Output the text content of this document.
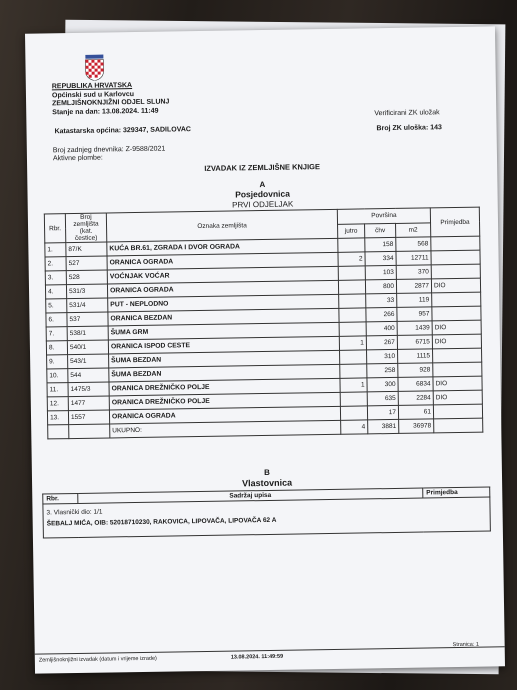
REPUBLIKA HRVATSKA
Općinski sud u Karlovcu
ZEMLJIŠNOKNJIŽNI ODJEL SLUNJ
Stanje na dan: 13.08.2024. 11:49	Verificirani ZK uložak
Katastarska općina: 329347, SADILOVAC	Broj ZK uloška: 143
Broj zadnjeg dnevnika: Z-9588/2021
Aktivne plombe:
IZVADAK IZ ZEMLJIŠNE KNJIGE
A
Posjedovnica
PRVI ODJELJAK
Rbr.	Broj zemljišta (kat. čestice)	Oznaka zemljišta	Površina			Primjedba
			jutro	čhv	m2	
1.	87/K	KUĆA BR.61, ZGRADA I DVOR OGRADA		158	568	
2.	527	ORANICA OGRADA	2	334	12711	
3.	528	VOĆNJAK VOĆAR		103	370	
4.	531/3	ORANICA OGRADA		800	2877	DIO
5.	531/4	PUT - NEPLODNO		33	119	
6.	537	ORANICA BEZDAN		266	957	
7.	538/1	ŠUMA GRM		400	1439	DIO
8.	540/1	ORANICA ISPOD CESTE	1	267	6715	DIO
9.	543/1	ŠUMA BEZDAN		310	1115	
10.	544	ŠUMA BEZDAN		258	928	
11.	1475/3	ORANICA DREŽNIČKO POLJE	1	300	6834	DIO
12.	1477	ORANICA DREŽNIČKO POLJE		635	2284	DIO
13.	1557	ORANICA OGRADA		17	61	
		UKUPNO:	4	3881	36978	
B
Vlastovnica
Rbr.	Sadržaj upisa	Primjedba

3. Vlasnički dio: 1/1
ŠEBALJ MIĆA, OIB: 52018710230, RAKOVICA, LIPOVAČA, LIPOVAČA 62 A
Zemljišnoknjižni izvadak (datum i vrijeme izrade)	13.08.2024. 11:49:59
Stranica: 1
